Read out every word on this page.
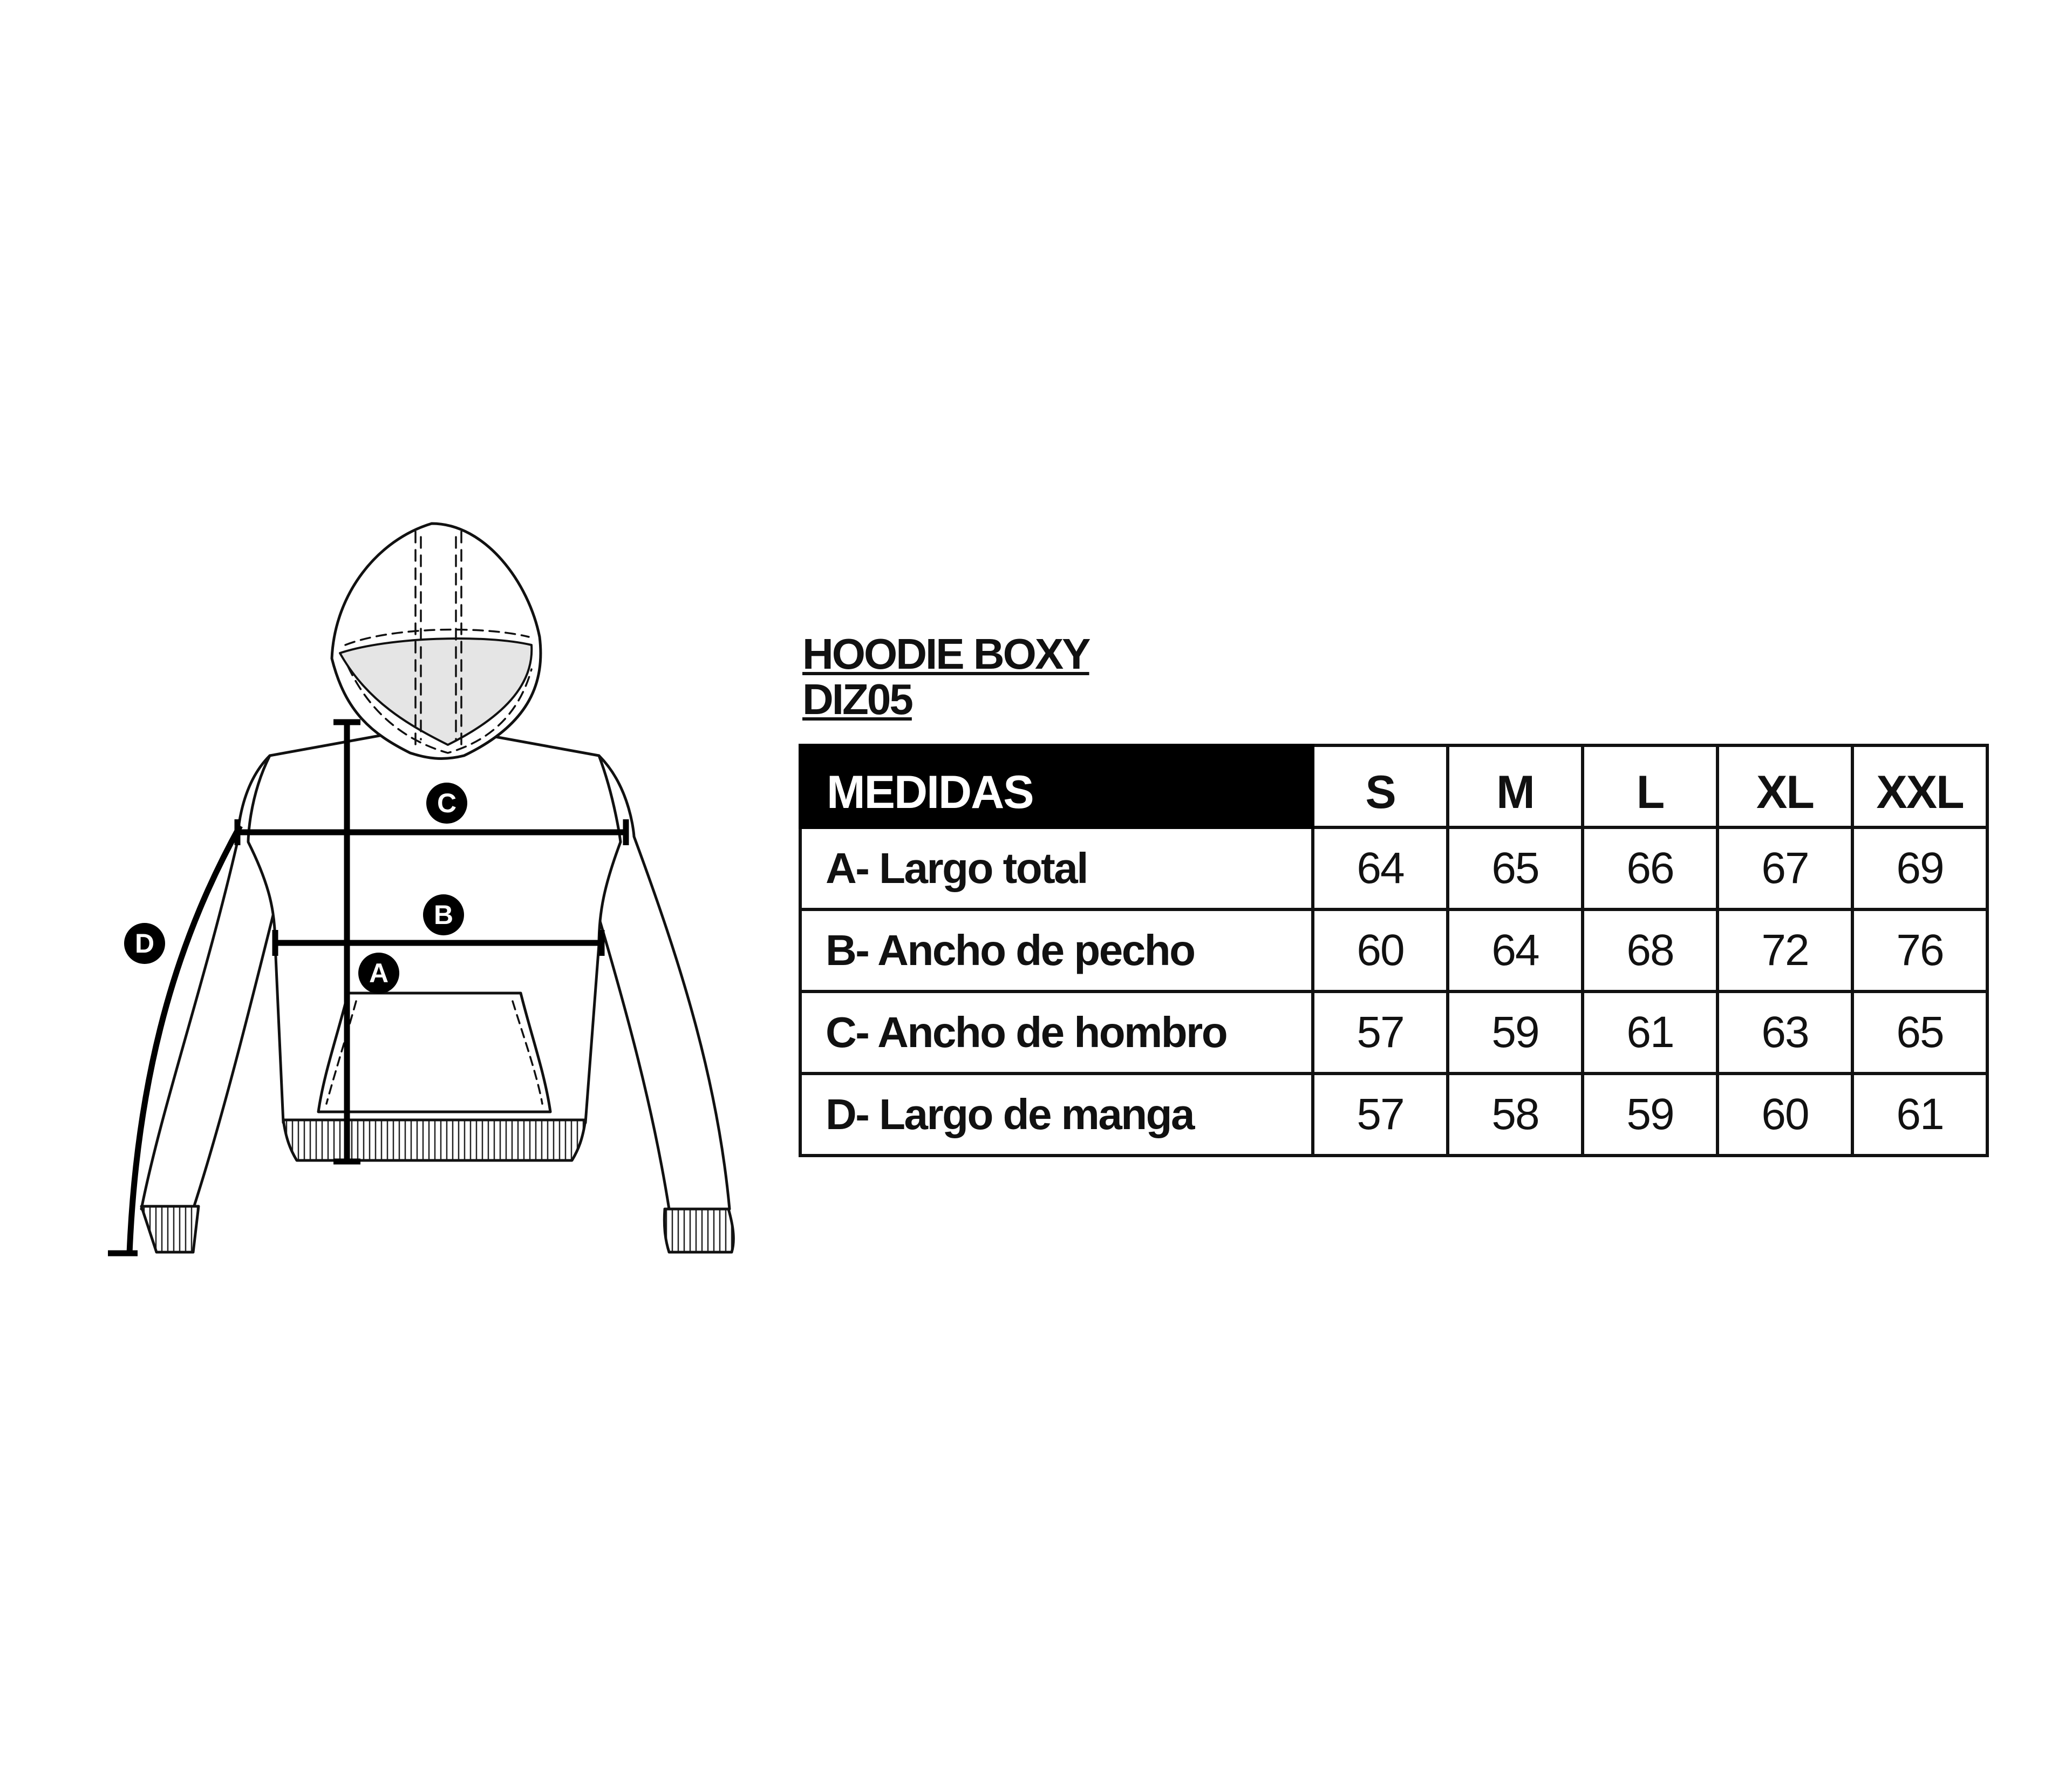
C
B
A
D
HOODIE BOXY
DIZ05
MEDIDAS	S	M	L	XL	XXL
A- Largo total	64	65	66	67	69
B- Ancho de pecho	60	64	68	72	76
C- Ancho de hombro	57	59	61	63	65
D- Largo de manga	57	58	59	60	61
